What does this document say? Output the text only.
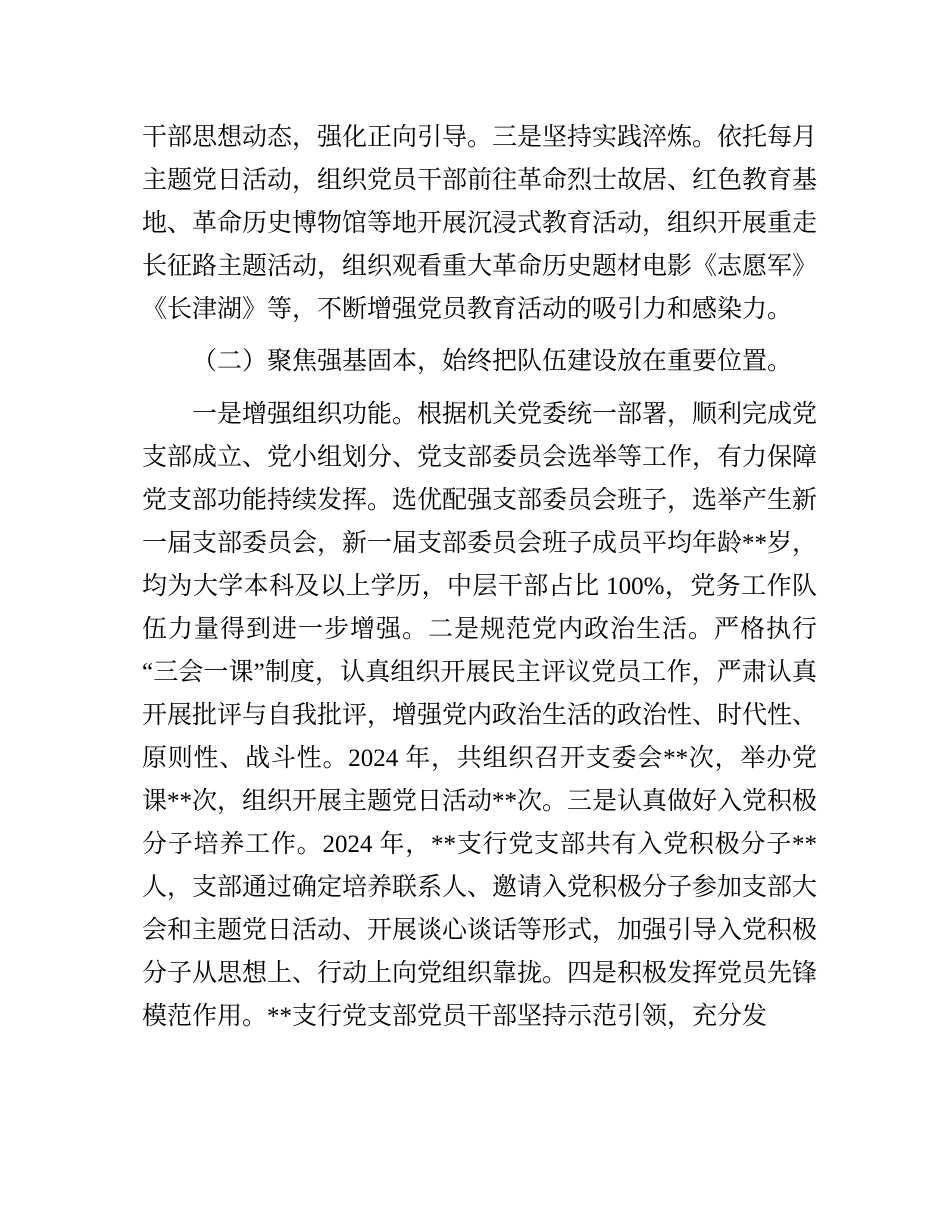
干部思想动态，强化正向引导。三是坚持实践淬炼。依托每月主题党日活动，组织党员干部前往革命烈士故居、红色教育基地、革命历史博物馆等地开展沉浸式教育活动，组织开展重走长征路主题活动，组织观看重大革命历史题材电影《志愿军》《长津湖》等，不断增强党员教育活动的吸引力和感染力。

（二）聚焦强基固本，始终把队伍建设放在重要位置。

一是增强组织功能。根据机关党委统一部署，顺利完成党支部成立、党小组划分、党支部委员会选举等工作，有力保障党支部功能持续发挥。选优配强支部委员会班子，选举产生新一届支部委员会，新一届支部委员会班子成员平均年龄**岁，均为大学本科及以上学历，中层干部占比 100%，党务工作队伍力量得到进一步增强。二是规范党内政治生活。严格执行“三会一课”制度，认真组织开展民主评议党员工作，严肃认真开展批评与自我批评，增强党内政治生活的政治性、时代性、原则性、战斗性。2024 年，共组织召开支委会**次，举办党课**次，组织开展主题党日活动**次。三是认真做好入党积极分子培养工作。2024 年，**支行党支部共有入党积极分子**人，支部通过确定培养联系人、邀请入党积极分子参加支部大会和主题党日活动、开展谈心谈话等形式，加强引导入党积极分子从思想上、行动上向党组织靠拢。四是积极发挥党员先锋模范作用。**支行党支部党员干部坚持示范引领，充分发
